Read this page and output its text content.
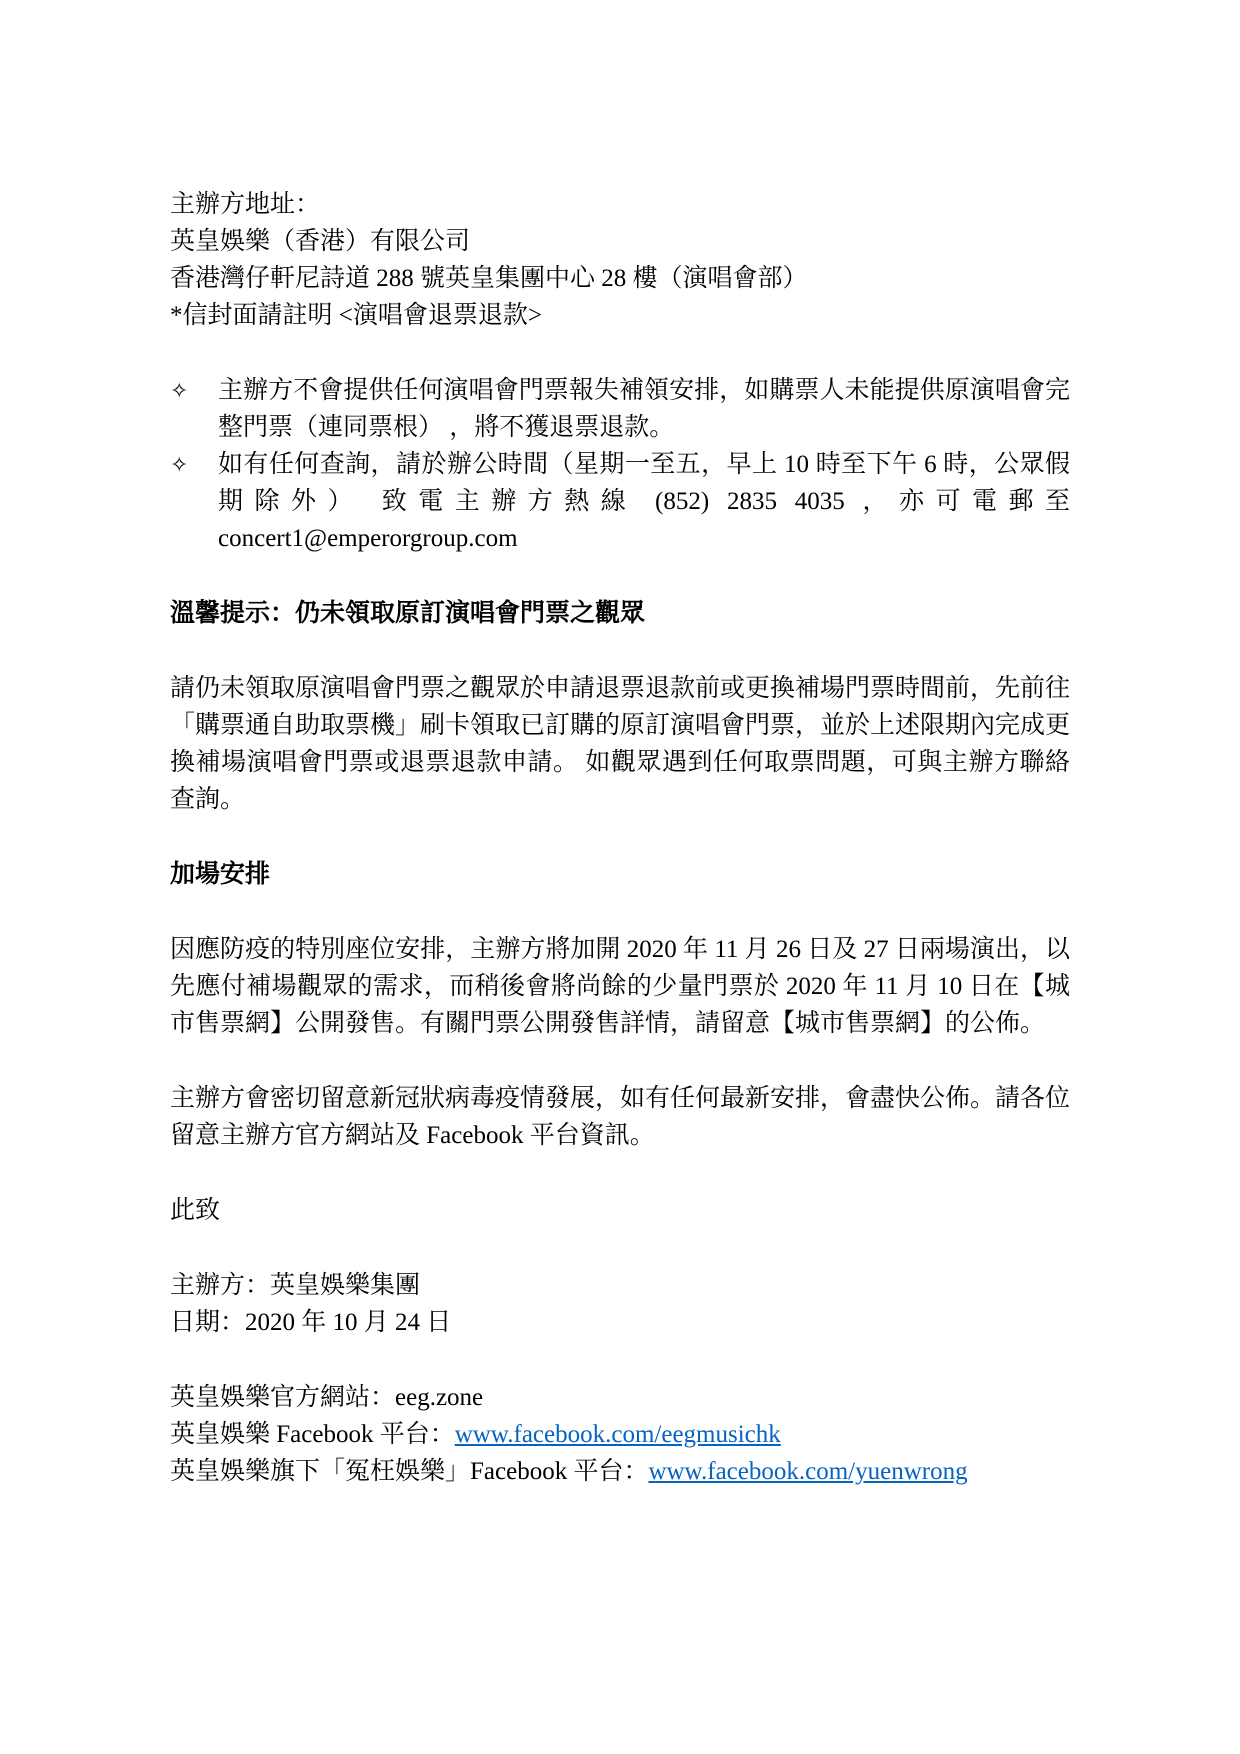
主辦方地址：

英皇娛樂（香港）有限公司

香港灣仔軒尼詩道 288 號英皇集團中心 28 樓（演唱會部）

*信封面請註明 <演唱會退票退款>

✧	主辦方不會提供任何演唱會門票報失補領安排，如購票人未能提供原演唱會完整門票（連同票根） ，將不獲退票退款。
✧	如有任何查詢，請於辦公時間（星期一至五，早上 10 時至下午 6 時，公眾假期除外） 致電主辦方熱線 (852) 2835 4035 ，亦可電郵至 concert1@emperorgroup.com
溫馨提示：仍未領取原訂演唱會門票之觀眾

請仍未領取原演唱會門票之觀眾於申請退票退款前或更換補場門票時間前，先前往「購票通自助取票機」刷卡領取已訂購的原訂演唱會門票，並於上述限期內完成更換補場演唱會門票或退票退款申請。 如觀眾遇到任何取票問題，可與主辦方聯絡查詢。

加場安排

因應防疫的特別座位安排，主辦方將加開 2020 年 11 月 26 日及 27 日兩場演出，以先應付補場觀眾的需求，而稍後會將尚餘的少量門票於 2020 年 11 月 10 日在【城市售票網】公開發售。有關門票公開發售詳情，請留意【城市售票網】的公佈。

主辦方會密切留意新冠狀病毒疫情發展，如有任何最新安排，會盡快公佈。請各位留意主辦方官方網站及 Facebook 平台資訊。

此致

主辦方：英皇娛樂集團

日期：2020 年 10 月 24 日

英皇娛樂官方網站：eeg.zone

英皇娛樂 Facebook 平台：www.facebook.com/eegmusichk

英皇娛樂旗下「冤枉娛樂」Facebook 平台：www.facebook.com/yuenwrong
